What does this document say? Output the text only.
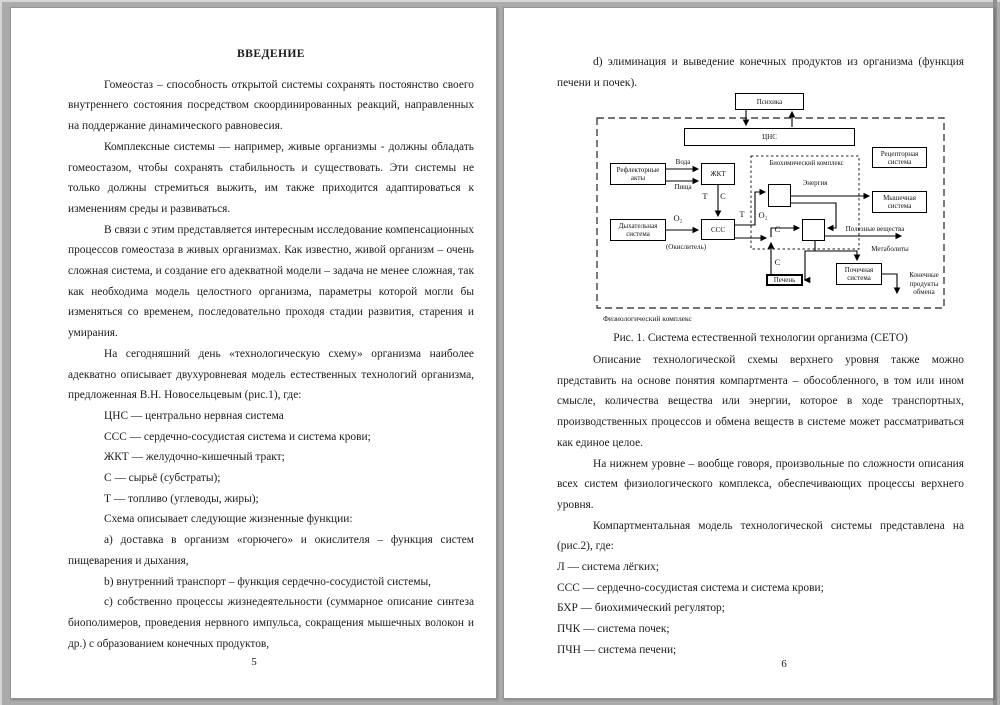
ВВЕДЕНИЕ

Гомеостаз – способность открытой системы сохранять постоянство своего внутреннего состояния посредством скоординированных реакций, направленных на поддержание динамического равновесия.

Комплексные системы — например, живые организмы - должны обладать гомеостазом, чтобы сохранять стабильность и существовать. Эти системы не только должны стремиться выжить, им также приходится адаптироваться к изменениям среды и развиваться.

В связи с этим представляется интересным исследование компенсационных процессов гомеостаза в живых организмах. Как известно, живой организм – очень сложная система, и создание его адекватной модели – задача не менее сложная, так как необходима модель целостного организма, параметры которой могли бы изменяться со временем, последовательно проходя стадии развития, старения и умирания.

На сегодняшний день «технологическую схему» организма наиболее адекватно описывает двухуровневая модель естественных технологий организма, предложенная В.Н. Новосельцевым (рис.1), где:

ЦНС — центрально нервная система

ССС — сердечно-сосудистая система и система крови;

ЖКТ — желудочно-кишечный тракт;

С — сырьё (субстраты);

Т — топливо (углеводы, жиры);

Схема описывает следующие жизненные функции:

a) доставка в организм «горючего» и окислителя – функция систем пищеварения и дыхания,

b) внутренний транспорт – функция сердечно-сосудистой системы,

c) собственно процессы жизнедеятельности (суммарное описание синтеза биополимеров, проведения нервного импульса, сокращения мышечных волокон и др.) с образованием конечных продуктов,

5

d) элиминация и выведение конечных продуктов из организма (функция печени и почек).

Психика
ЦНС
Рефлекторные акты	ЖКТ
Дыхательная система
ССС
Печень
Почечная система
Рецепторная система
Мышечная система
Биохимический комплекс
Вода
Пища
Т	С
О₂
(Окислитель)
Т	О₂
Энергия
С
С
Полезные вещества
Метаболиты
Конечные продукты обмена
Физиологический комплекс
Рис. 1. Система естественной технологии организма (СЕТО)

Описание технологической схемы верхнего уровня также можно представить на основе понятия компартмента – обособленного, в том или ином смысле, количества вещества или энергии, которое в ходе транспортных, производственных процессов и обмена веществ в системе может рассматриваться как единое целое.

На нижнем уровне – вообще говоря, произвольные по сложности описания всех систем физиологического комплекса, обеспечивающих процессы верхнего уровня.

Компартментальная модель технологической системы представлена на (рис.2), где:

Л — система лёгких;

ССС — сердечно-сосудистая система и система крови;

БХР — биохимический регулятор;

ПЧК — система почек;

ПЧН — система печени;

6
